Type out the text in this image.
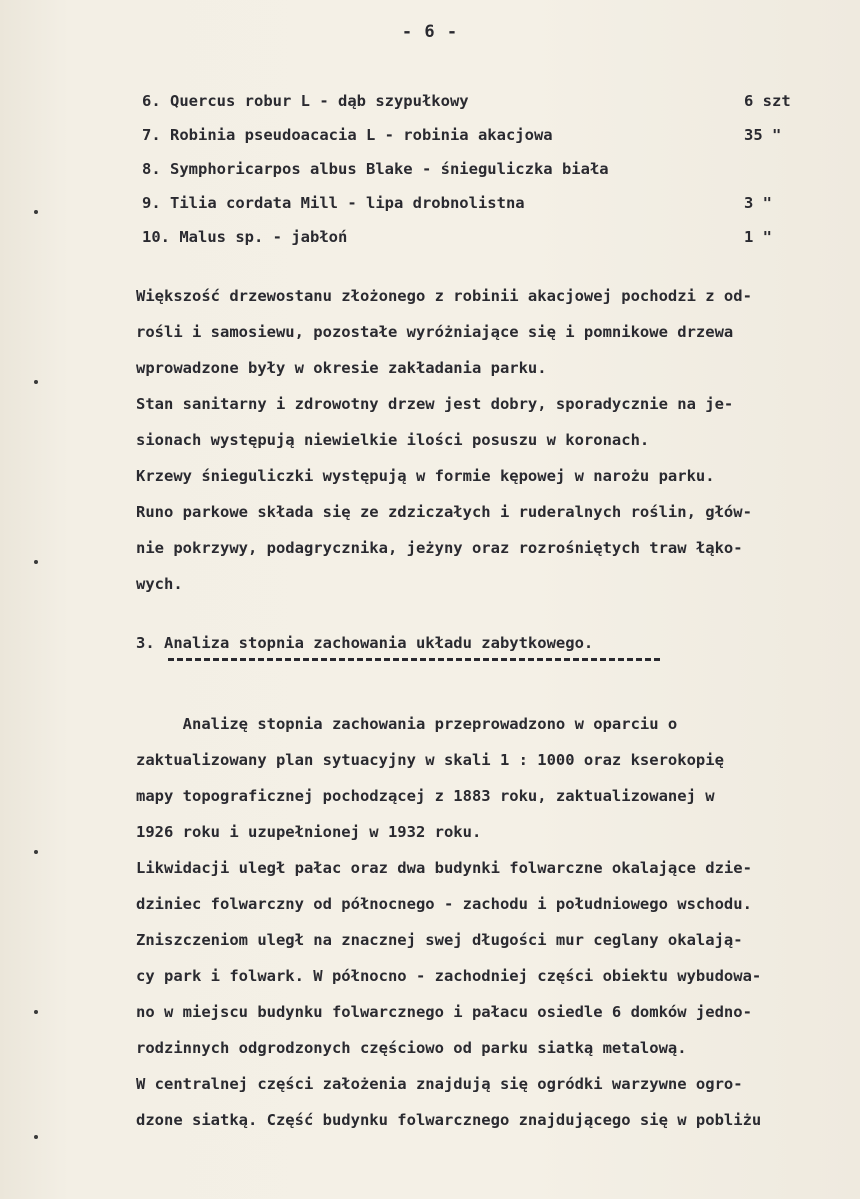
- 6 -
6. Quercus robur L - dąb szypułkowy	6 szt
7. Robinia pseudoacacia L - robinia akacjowa	35 "
8. Symphoricarpos albus Blake - śnieguliczka biała
9. Tilia cordata Mill - lipa drobnolistna	3 "
10. Malus sp. - jabłoń	1 "
Większość drzewostanu złożonego z robinii akacjowej pochodzi z od-
rośli i samosiewu, pozostałe wyróżniające się i pomnikowe drzewa
wprowadzone były w okresie zakładania parku.
Stan sanitarny i zdrowotny drzew jest dobry, sporadycznie na je-
sionach występują niewielkie ilości posuszu w koronach.
Krzewy śnieguliczki występują w formie kępowej w narożu parku.
Runo parkowe składa się ze zdziczałych i ruderalnych roślin, głów-
nie pokrzywy, podagrycznika, jeżyny oraz rozrośniętych traw łąko-
wych.
3. Analiza stopnia zachowania układu zabytkowego.
Analizę stopnia zachowania przeprowadzono w oparciu o
zaktualizowany plan sytuacyjny w skali 1 : 1000 oraz kserokopię
mapy topograficznej pochodzącej z 1883 roku, zaktualizowanej w
1926 roku i uzupełnionej w 1932 roku.
Likwidacji uległ pałac oraz dwa budynki folwarczne okalające dzie-
dziniec folwarczny od północnego - zachodu i południowego wschodu.
Zniszczeniom uległ na znacznej swej długości mur ceglany okalają-
cy park i folwark. W północno - zachodniej części obiektu wybudowa-
no w miejscu budynku folwarcznego i pałacu osiedle 6 domków jedno-
rodzinnych odgrodzonych częściowo od parku siatką metalową.
W centralnej części założenia znajdują się ogródki warzywne ogro-
dzone siatką. Część budynku folwarcznego znajdującego się w pobliżu
